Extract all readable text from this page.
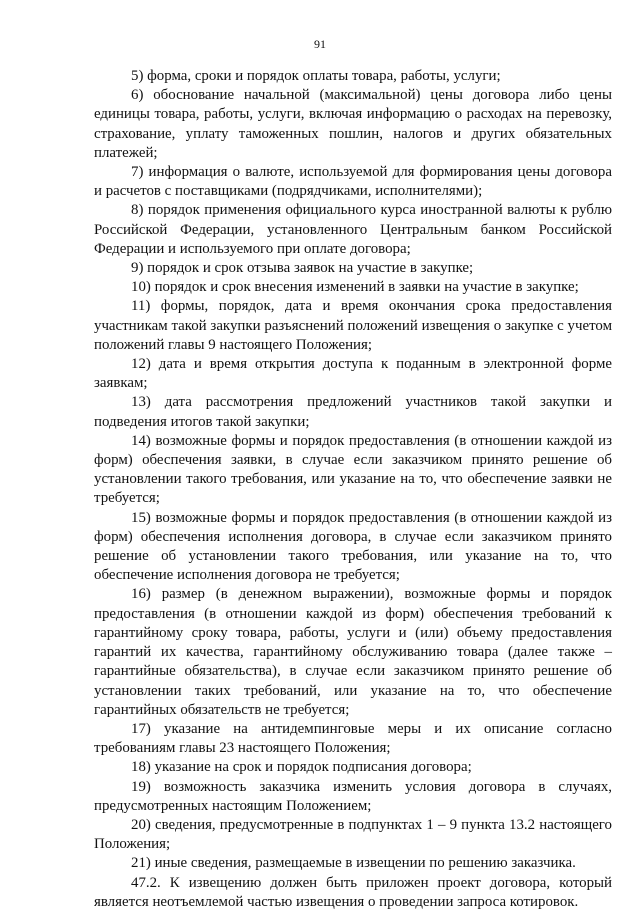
91

5) форма, сроки и порядок оплаты товара, работы, услуги;

6) обоснование начальной (максимальной) цены договора либо цены единицы товара, работы, услуги, включая информацию о расходах на перевозку, страхование, уплату таможенных пошлин, налогов и других обязательных платежей;

7) информация о валюте, используемой для формирования цены договора и расчетов с поставщиками (подрядчиками, исполнителями);

8) порядок применения официального курса иностранной валюты к рублю Российской Федерации, установленного Центральным банком Российской Федерации и используемого при оплате договора;

9) порядок и срок отзыва заявок на участие в закупке;

10) порядок и срок внесения изменений в заявки на участие в закупке;

11) формы, порядок, дата и время окончания срока предоставления участникам такой закупки разъяснений положений извещения о закупке с учетом положений главы 9 настоящего Положения;

12) дата и время открытия доступа к поданным в электронной форме заявкам;

13) дата рассмотрения предложений участников такой закупки и подведения итогов такой закупки;

14) возможные формы и порядок предоставления (в отношении каждой из форм) обеспечения заявки, в случае если заказчиком принято решение об установлении такого требования, или указание на то, что обеспечение заявки не требуется;

15) возможные формы и порядок предоставления (в отношении каждой из форм) обеспечения исполнения договора, в случае если заказчиком принято решение об установлении такого требования, или указание на то, что обеспечение исполнения договора не требуется;

16) размер (в денежном выражении), возможные формы и порядок предоставления (в отношении каждой из форм) обеспечения требований к гарантийному сроку товара, работы, услуги и (или) объему предоставления гарантий их качества, гарантийному обслуживанию товара (далее также – гарантийные обязательства), в случае если заказчиком принято решение об установлении таких требований, или указание на то, что обеспечение гарантийных обязательств не требуется;

17) указание на антидемпинговые меры и их описание согласно требованиям главы 23 настоящего Положения;

18) указание на срок и порядок подписания договора;

19) возможность заказчика изменить условия договора в случаях, предусмотренных настоящим Положением;

20) сведения, предусмотренные в подпунктах 1 – 9 пункта 13.2 настоящего Положения;

21) иные сведения, размещаемые в извещении по решению заказчика.

47.2. К извещению должен быть приложен проект договора, который является неотъемлемой частью извещения о проведении запроса котировок.
